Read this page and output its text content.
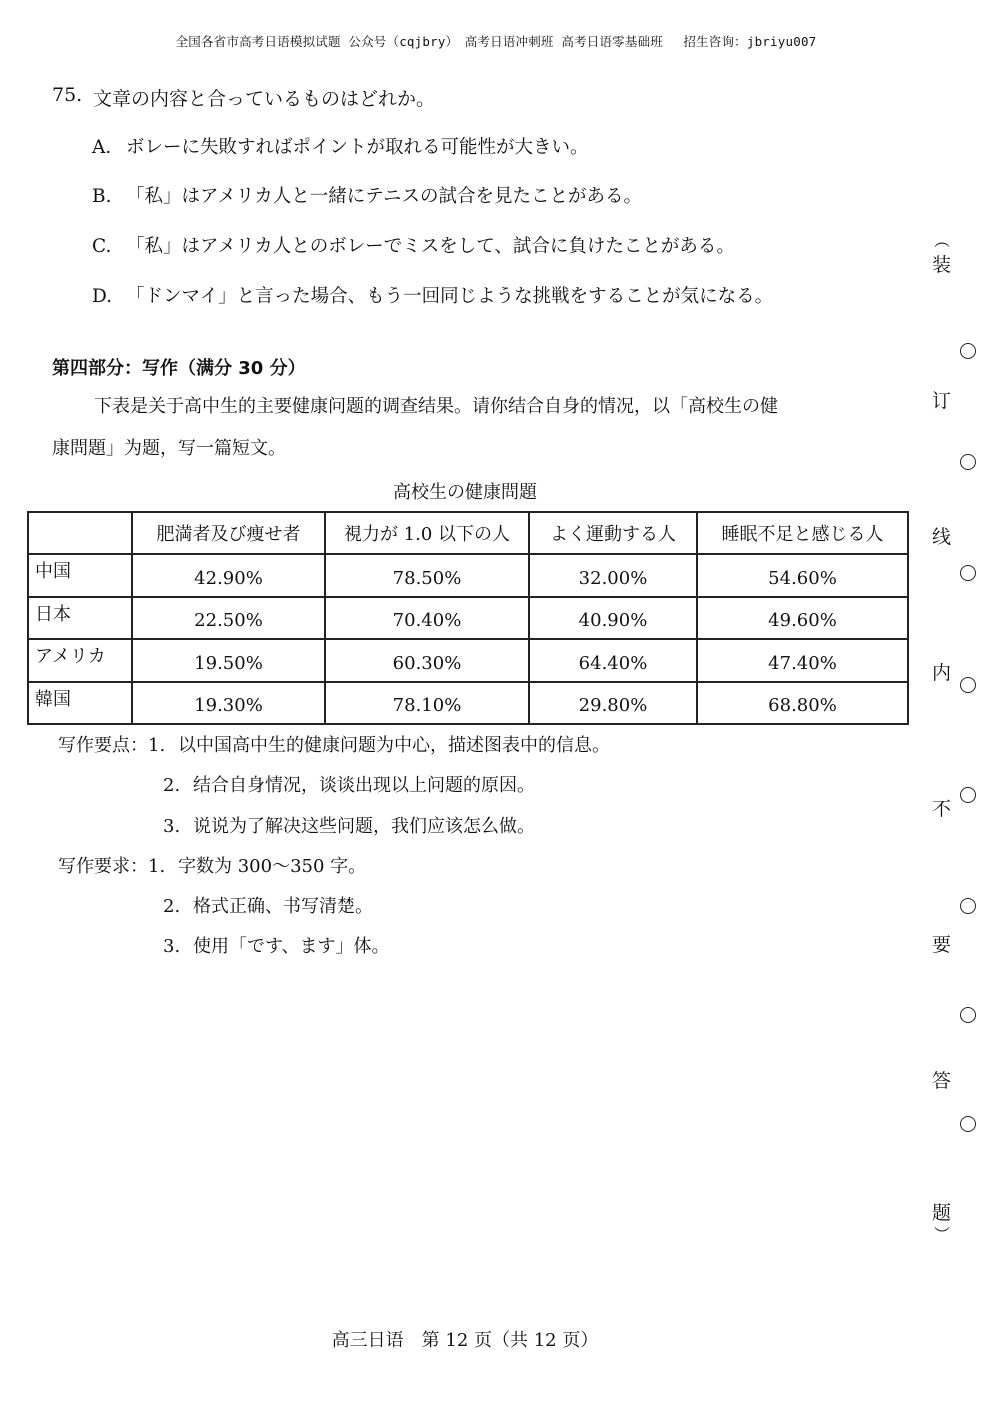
全国各省市高考日语模拟试题 公众号（cqjbry）　高考日语冲刺班 高考日语零基础班　 招生咨询：jbriyu007
75. 文章の内容と合っているものはどれか。
A. ボレーに失敗すればポイントが取れる可能性が大きい。
B. 「私」はアメリカ人と一緒にテニスの試合を見たことがある。
C. 「私」はアメリカ人とのボレーでミスをして、試合に負けたことがある。
D. 「ドンマイ」と言った場合、もう一回同じような挑戦をすることが気になる。
第四部分：写作（满分 30 分）
下表是关于高中生的主要健康问题的调查结果。请你结合自身的情况，以「高校生の健
康問題」为题，写一篇短文。
高校生の健康問題
	肥満者及び痩せ者	視力が 1.0 以下の人	よく運動する人	睡眠不足と感じる人
中国	42.90%	78.50%	32.00%	54.60%
日本	22.50%	70.40%	40.90%	49.60%
アメリカ	19.50%	60.30%	64.40%	47.40%
韓国	19.30%	78.10%	29.80%	68.80%
写作要点：1. 以中国高中生的健康问题为中心，描述图表中的信息。
2. 结合自身情况，谈谈出现以上问题的原因。
3. 说说为了解决这些问题，我们应该怎么做。
写作要求：1. 字数为 300～350 字。
2. 格式正确、书写清楚。
3. 使用「です、ます」体。
︵
装
订
线
内
不
要
答
题
︶
高三日语　第 12 页（共 12 页）
